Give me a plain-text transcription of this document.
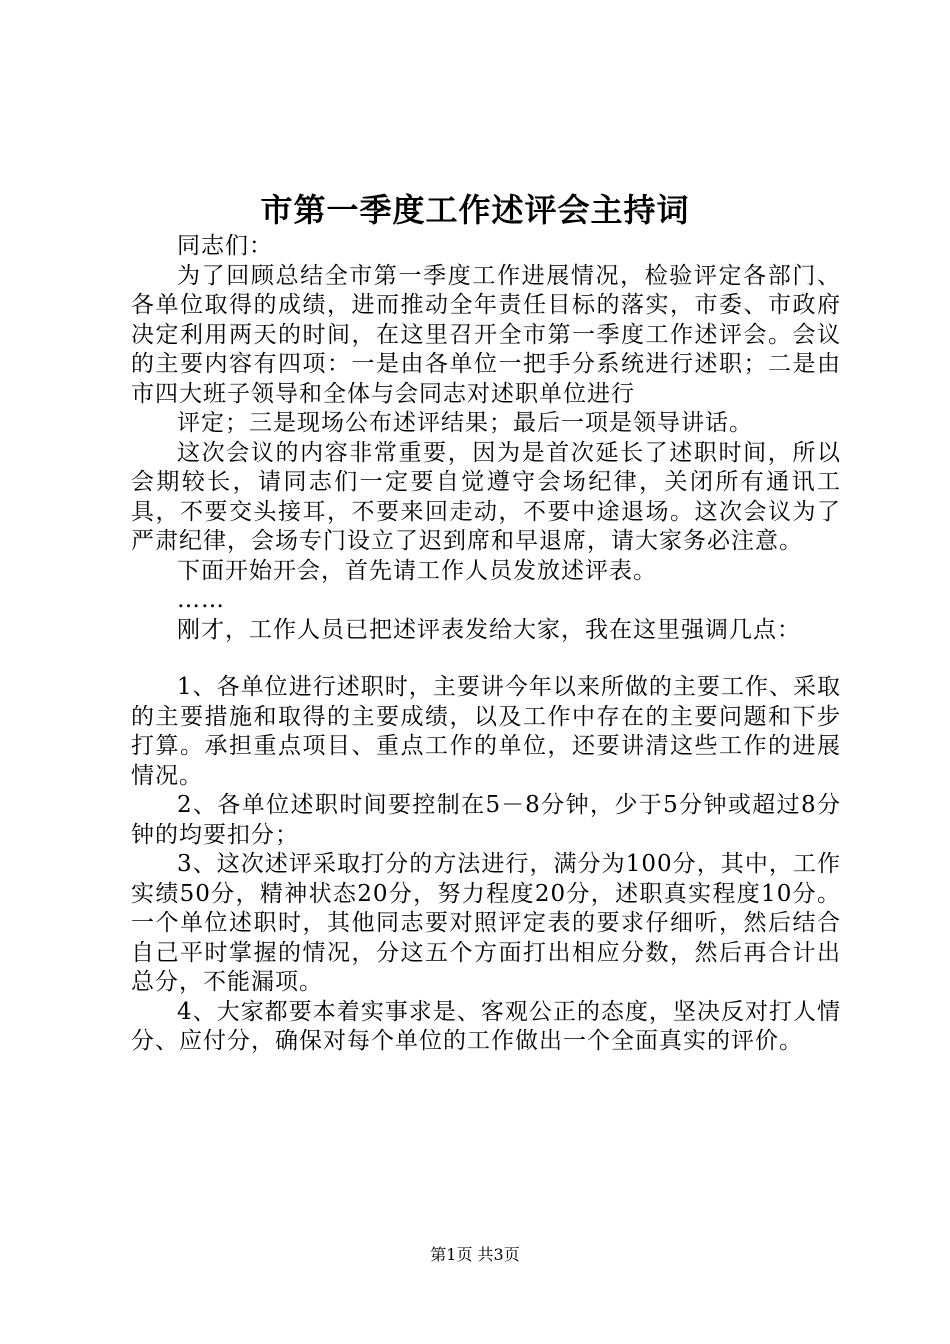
市第一季度工作述评会主持词

同志们：

为了回顾总结全市第一季度工作进展情况，检验评定各部门、各单位取得的成绩，进而推动全年责任目标的落实，市委、市政府决定利用两天的时间，在这里召开全市第一季度工作述评会。会议的主要内容有四项：一是由各单位一把手分系统进行述职；二是由市四大班子领导和全体与会同志对述职单位进行

评定；三是现场公布述评结果；最后一项是领导讲话。

这次会议的内容非常重要，因为是首次延长了述职时间，所以会期较长，请同志们一定要自觉遵守会场纪律，关闭所有通讯工具，不要交头接耳，不要来回走动，不要中途退场。这次会议为了严肃纪律，会场专门设立了迟到席和早退席，请大家务必注意。

下面开始开会，首先请工作人员发放述评表。

……

刚才，工作人员已把述评表发给大家，我在这里强调几点：

1、各单位进行述职时，主要讲今年以来所做的主要工作、采取的主要措施和取得的主要成绩，以及工作中存在的主要问题和下步打算。承担重点项目、重点工作的单位，还要讲清这些工作的进展情况。

2、各单位述职时间要控制在5－8分钟，少于5分钟或超过8分钟的均要扣分；

3、这次述评采取打分的方法进行，满分为100分，其中，工作实绩50分，精神状态20分，努力程度20分，述职真实程度10分。一个单位述职时，其他同志要对照评定表的要求仔细听，然后结合自己平时掌握的情况，分这五个方面打出相应分数，然后再合计出总分，不能漏项。

4、大家都要本着实事求是、客观公正的态度，坚决反对打人情分、应付分，确保对每个单位的工作做出一个全面真实的评价。

第1页 共3页
